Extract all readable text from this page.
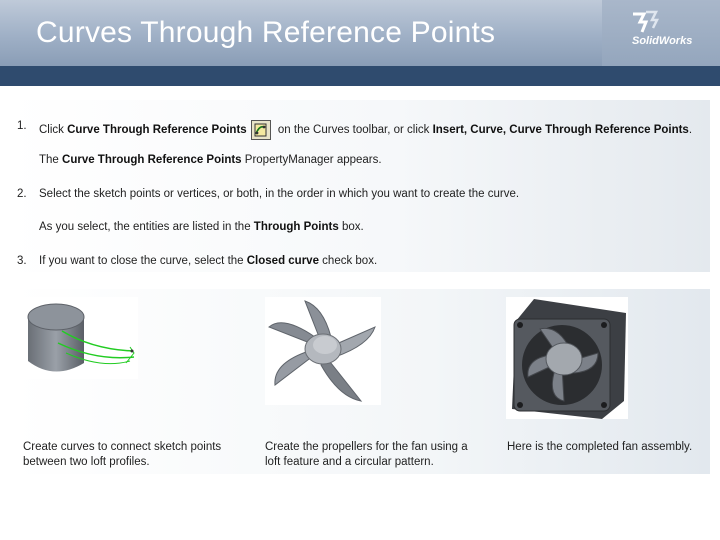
Curves Through Reference Points	SolidWorks
1. Click Curve Through Reference Points on the Curves toolbar, or click Insert, Curve, Curve Through Reference Points.
The Curve Through Reference Points PropertyManager appears.
2. Select the sketch points or vertices, or both, in the order in which you want to create the curve.
As you select, the entities are listed in the Through Points box.
3. If you want to close the curve, select the Closed curve check box.
Create curves to connect sketch points
between two loft profiles.
Create the propellers for the fan using a
loft feature and a circular pattern.
Here is the completed fan assembly.
